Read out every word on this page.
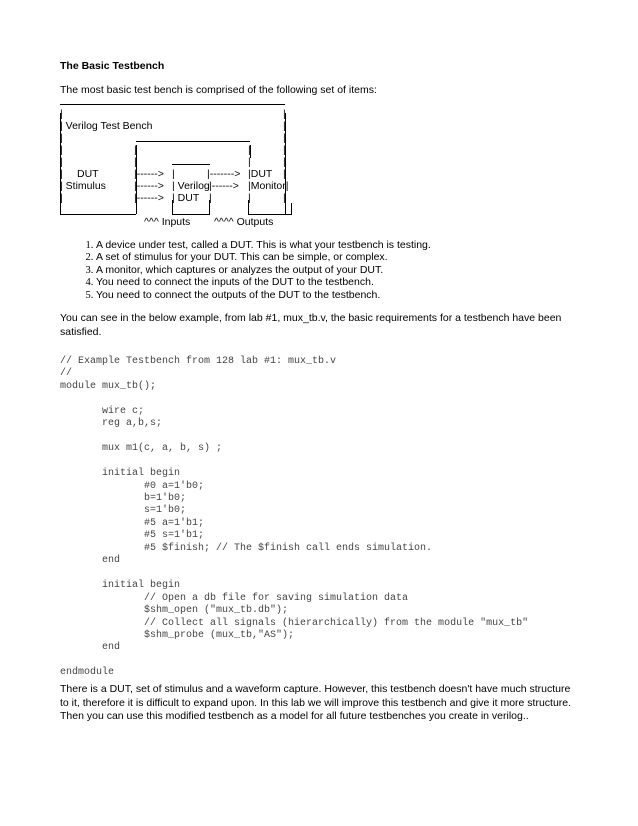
The Basic Testbench
The most basic test bench is comprised of the following set of items:
|	|
| Verilog Test Bench	|
|	|
|	|	|	|
|	|	|	|
| DUT	|------> |	|-------> |DUT |
| Stimulus	|------> | Verilog |------> |Monitor|
|	|------> | DUT |	|	|
^^^ Inputs ^^^^ Outputs
1. A device under test, called a DUT. This is what your testbench is testing.
2. A set of stimulus for your DUT. This can be simple, or complex.
3. A monitor, which captures or analyzes the output of your DUT.
4. You need to connect the inputs of the DUT to the testbench.
5. You need to connect the outputs of the DUT to the testbench.
You can see in the below example, from lab #1, mux_tb.v, the basic requirements for a testbench have been satisfied.
// Example Testbench from 128 lab #1: mux_tb.v
//
module mux_tb();

wire c;
reg a,b,s;

mux m1(c, a, b, s) ;

initial begin
#0 a=1'b0;
b=1'b0;
s=1'b0;
#5 a=1'b1;
#5 s=1'b1;
#5 $finish; // The $finish call ends simulation.
end

initial begin
// Open a db file for saving simulation data
$shm_open ("mux_tb.db");
// Collect all signals (hierarchically) from the module "mux_tb"
$shm_probe (mux_tb,"AS");
end

endmodule
There is a DUT, set of stimulus and a waveform capture. However, this testbench doesn't have much structure to it, therefore it is difficult to expand upon. In this lab we will improve this testbench and give it more structure. Then you can use this modified testbench as a model for all future testbenches you create in verilog..
